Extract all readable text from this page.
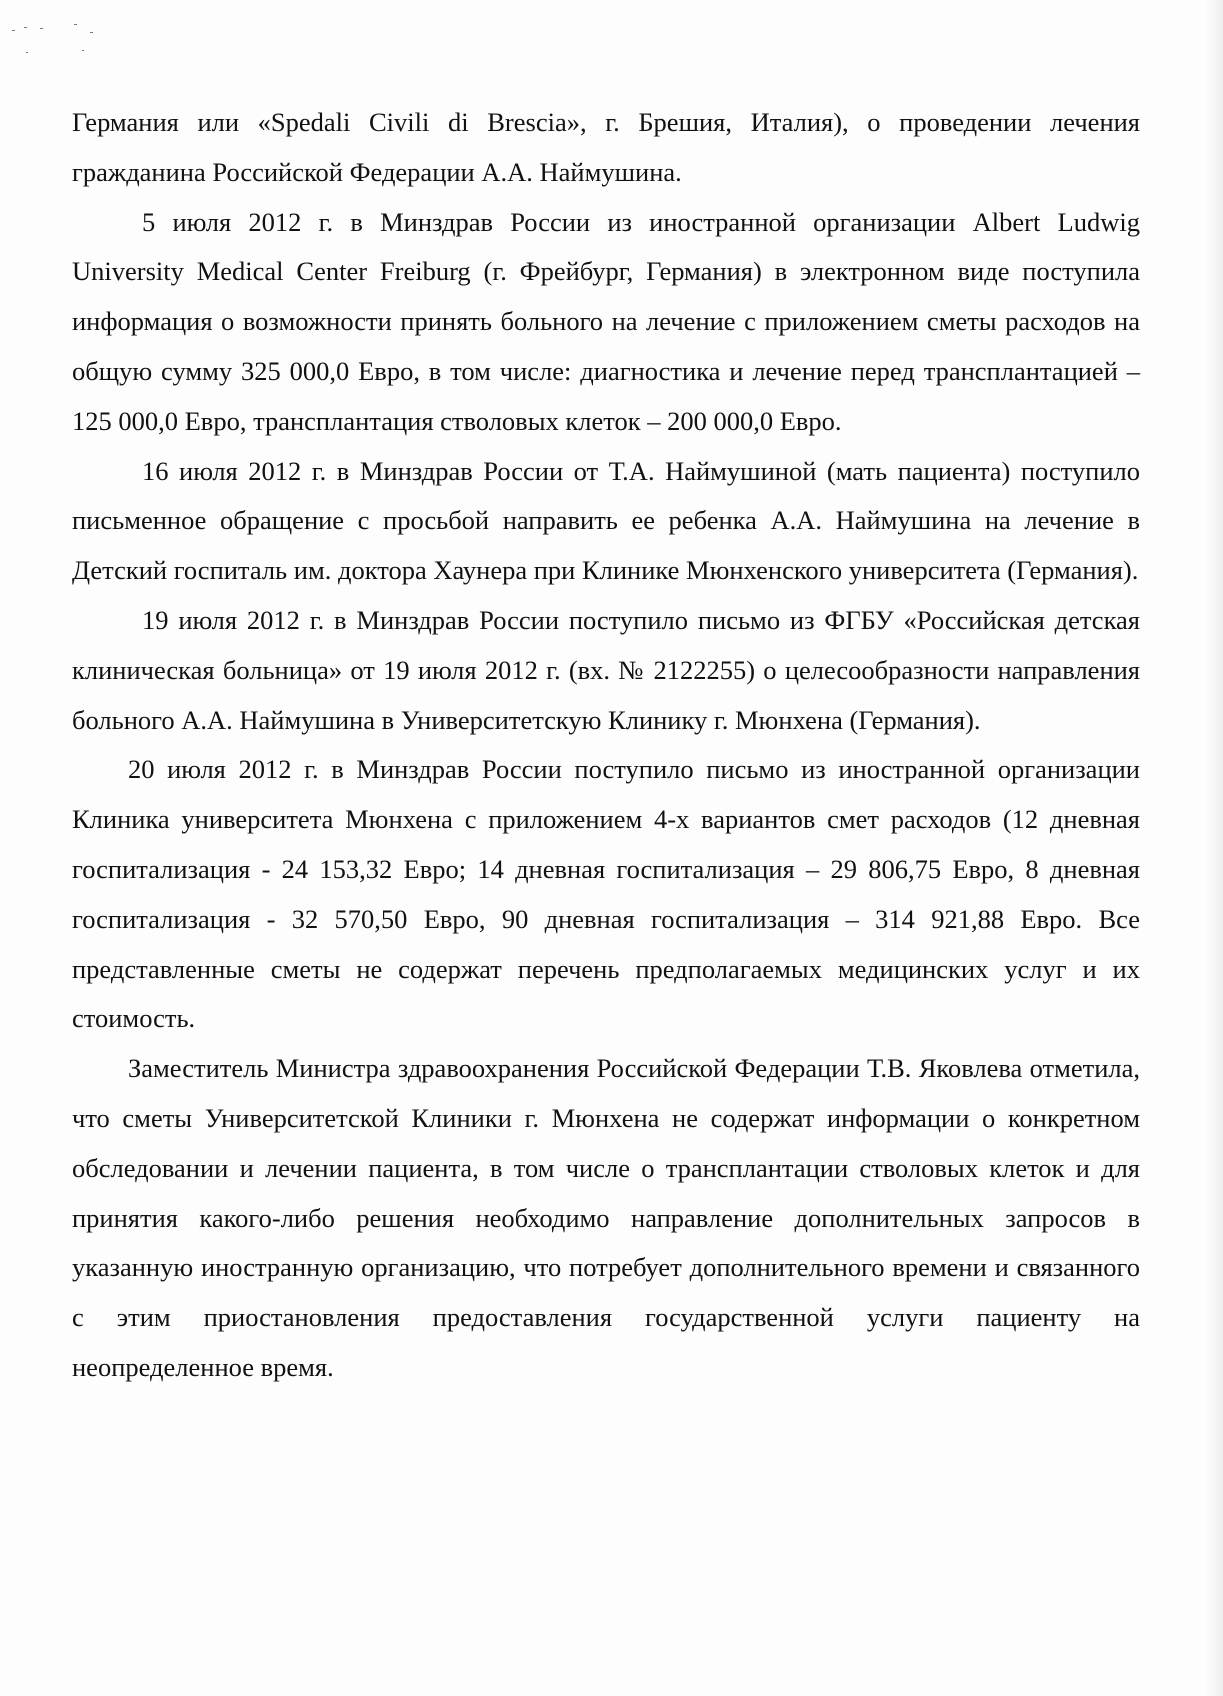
Германия или «Spedali Civili di Brescia», г. Брешия, Италия), о проведении лечения гражданина Российской Федерации А.А. Наймушина.

5 июля 2012 г. в Минздрав России из иностранной организации Albert Ludwig University Medical Center Freiburg (г. Фрейбург, Германия) в электронном виде поступила информация о возможности принять больного на лечение с приложением сметы расходов на общую сумму 325 000,0 Евро, в том числе: диагностика и лечение перед трансплантацией – 125 000,0 Евро, трансплантация стволовых клеток – 200 000,0 Евро.

16 июля 2012 г. в Минздрав России от Т.А. Наймушиной (мать пациента) поступило письменное обращение с просьбой направить ее ребенка А.А. Наймушина на лечение в Детский госпиталь им. доктора Хаунера при Клинике Мюнхенского университета (Германия).

19 июля 2012 г. в Минздрав России поступило письмо из ФГБУ «Российская детская клиническая больница» от 19 июля 2012 г. (вх. № 2122255) о целесообразности направления больного А.А. Наймушина в Университетскую Клинику г. Мюнхена (Германия).

20 июля 2012 г. в Минздрав России поступило письмо из иностранной организации Клиника университета Мюнхена с приложением 4-х вариантов смет расходов (12 дневная госпитализация - 24 153,32 Евро; 14 дневная госпитализация – 29 806,75 Евро, 8 дневная госпитализация - 32 570,50 Евро, 90 дневная госпитализация – 314 921,88 Евро. Все представленные сметы не содержат перечень предполагаемых медицинских услуг и их стоимость.

Заместитель Министра здравоохранения Российской Федерации Т.В. Яковлева отметила, что сметы Университетской Клиники г. Мюнхена не содержат информации о конкретном обследовании и лечении пациента, в том числе о трансплантации стволовых клеток и для принятия какого-либо решения необходимо направление дополнительных запросов в указанную иностранную организацию, что потребует дополнительного времени и связанного с этим приостановления предоставления государственной услуги пациенту на неопределенное время.
